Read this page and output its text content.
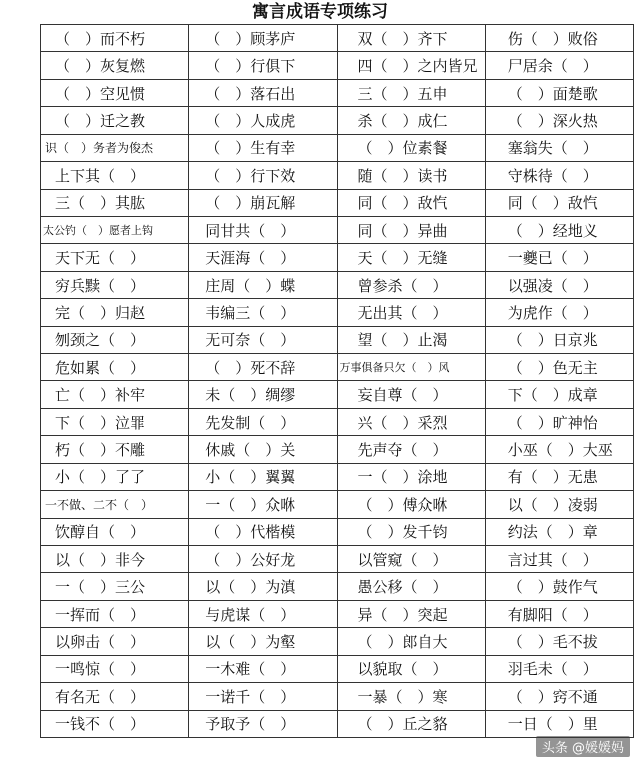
寓言成语专项练习
（　）而不朽	（　）顾茅庐	双（　）齐下	伤（　）败俗
（　）灰复燃	（　）行俱下	四（　）之内皆兄	尸居余（　）
（　）空见惯	（　）落石出	三（　）五申	（　）面楚歌
（　）迁之教	（　）人成虎	杀（　）成仁	（　）深火热
识（　）务者为俊杰	（　）生有幸	（　）位素餐	塞翁失（　）
上下其（　）	（　）行下效	随（　）读书	守株待（　）
三（　）其肱	（　）崩瓦解	同（　）敌忾	同（　）敌忾
太公钓（　）愿者上钩	同甘共（　）	同（　）异曲	（　）经地义
天下无（　）	天涯海（　）	天（　）无缝	一夔已（　）
穷兵黩（　）	庄周（　）蝶	曾参杀（　）	以强凌（　）
完（　）归赵	韦编三（　）	无出其（　）	为虎作（　）
刎颈之（　）	无可奈（　）	望（　）止渴	（　）日京兆
危如累（　）	（　）死不辞	万事俱备只欠（　）风	（　）色无主
亡（　）补牢	未（　）绸缪	妄自尊（　）	下（　）成章
下（　）泣罪	先发制（　）	兴（　）采烈	（　）旷神怡
朽（　）不雕	休戚（　）关	先声夺（　）	小巫（　）大巫
小（　）了了	小（　）翼翼	一（　）涂地	有（　）无患
一不做、二不（　）	一（　）众咻	（　）傅众咻	以（　）凌弱
饮醇自（　）	（　）代楷模	（　）发千钧	约法（　）章
以（　）非今	（　）公好龙	以管窥（　）	言过其（　）
一（　）三公	以（　）为滇	愚公移（　）	（　）鼓作气
一挥而（　）	与虎谋（　）	异（　）突起	有脚阳（　）
以卵击（　）	以（　）为壑	（　）郎自大	（　）毛不拔
一鸣惊（　）	一木难（　）	以貌取（　）	羽毛未（　）
有名无（　）	一诺千（　）	一暴（　）寒	（　）窍不通
一钱不（　）	予取予（　）	（　）丘之貉	一日（　）里
头条 @媛媛妈
